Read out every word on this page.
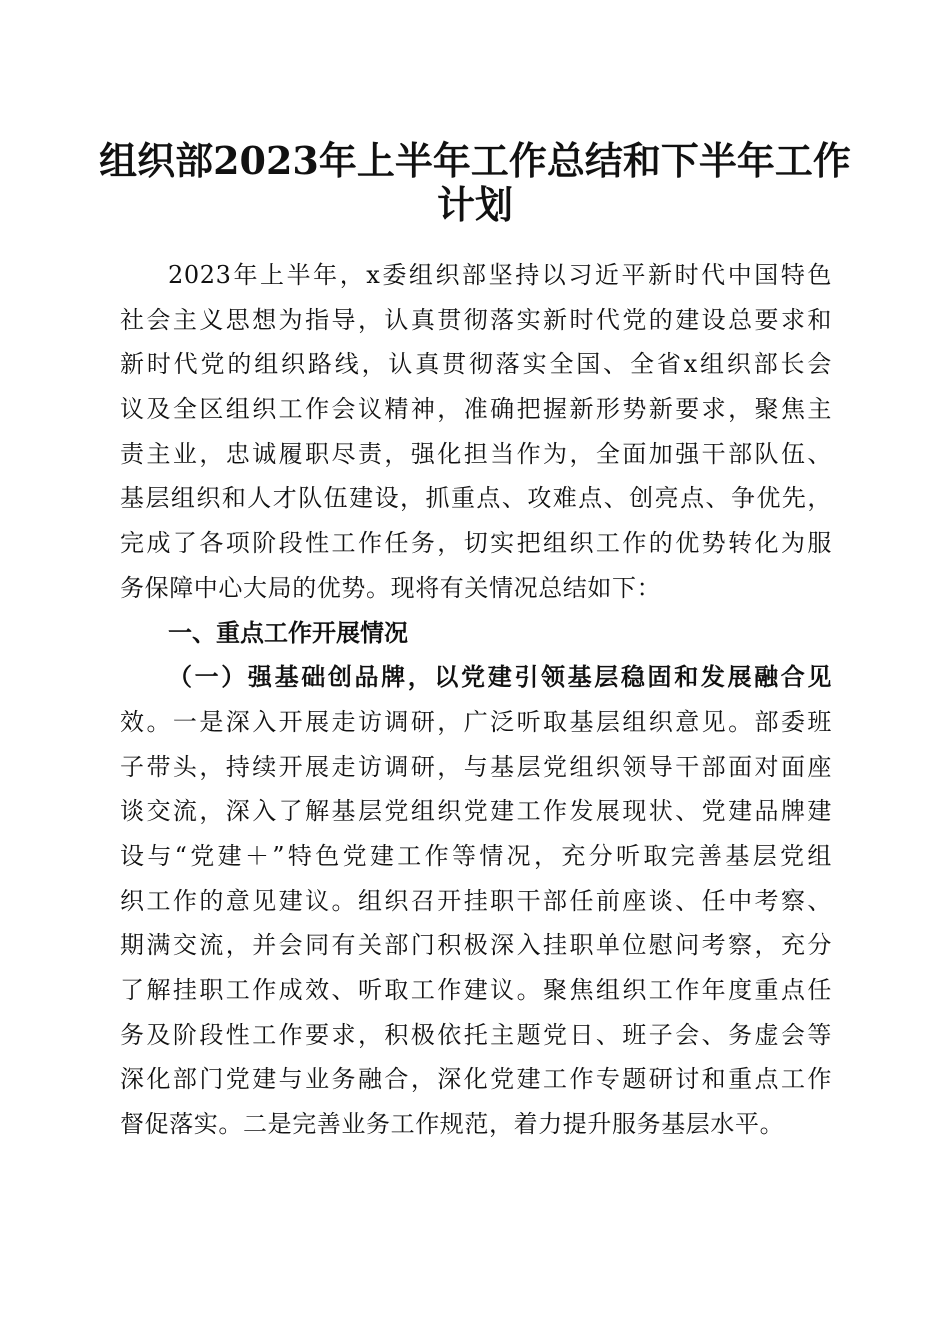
组织部2023年上半年工作总结和下半年工作
计划
2023年上半年，x委组织部坚持以习近平新时代中国特色
社会主义思想为指导，认真贯彻落实新时代党的建设总要求和
新时代党的组织路线，认真贯彻落实全国、全省x组织部长会
议及全区组织工作会议精神，准确把握新形势新要求，聚焦主
责主业，忠诚履职尽责，强化担当作为，全面加强干部队伍、
基层组织和人才队伍建设，抓重点、攻难点、创亮点、争优先，
完成了各项阶段性工作任务，切实把组织工作的优势转化为服
务保障中心大局的优势。现将有关情况总结如下：
一、重点工作开展情况
（一）强基础创品牌，以党建引领基层稳固和发展融合见
效。一是深入开展走访调研，广泛听取基层组织意见。部委班
子带头，持续开展走访调研，与基层党组织领导干部面对面座
谈交流，深入了解基层党组织党建工作发展现状、党建品牌建
设与“党建＋”特色党建工作等情况，充分听取完善基层党组
织工作的意见建议。组织召开挂职干部任前座谈、任中考察、
期满交流，并会同有关部门积极深入挂职单位慰问考察，充分
了解挂职工作成效、听取工作建议。聚焦组织工作年度重点任
务及阶段性工作要求，积极依托主题党日、班子会、务虚会等
深化部门党建与业务融合，深化党建工作专题研讨和重点工作
督促落实。二是完善业务工作规范，着力提升服务基层水平。
